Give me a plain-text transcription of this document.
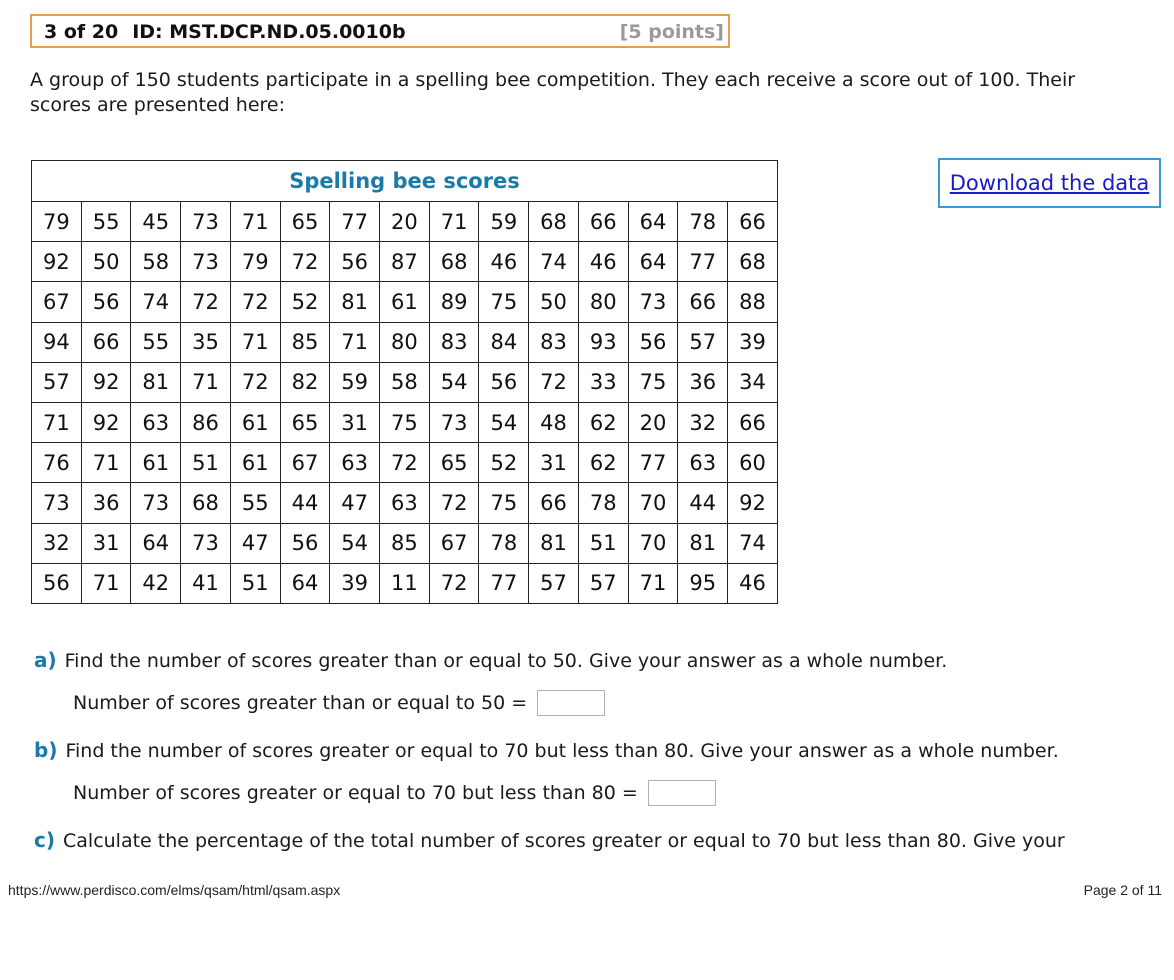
3 of 20 ID: MST.DCP.ND.05.0010b	[5 points]
A group of 150 students participate in a spelling bee competition. They each receive a score out of 100. Their scores are presented here:
Spelling bee scores														
79	55	45	73	71	65	77	20	71	59	68	66	64	78	66
92	50	58	73	79	72	56	87	68	46	74	46	64	77	68
67	56	74	72	72	52	81	61	89	75	50	80	73	66	88
94	66	55	35	71	85	71	80	83	84	83	93	56	57	39
57	92	81	71	72	82	59	58	54	56	72	33	75	36	34
71	92	63	86	61	65	31	75	73	54	48	62	20	32	66
76	71	61	51	61	67	63	72	65	52	31	62	77	63	60
73	36	73	68	55	44	47	63	72	75	66	78	70	44	92
32	31	64	73	47	56	54	85	67	78	81	51	70	81	74
56	71	42	41	51	64	39	11	72	77	57	57	71	95	46
Download the data
a) Find the number of scores greater than or equal to 50. Give your answer as a whole number.
Number of scores greater than or equal to 50 =
b) Find the number of scores greater or equal to 70 but less than 80. Give your answer as a whole number.
Number of scores greater or equal to 70 but less than 80 =
c) Calculate the percentage of the total number of scores greater or equal to 70 but less than 80. Give your
https://www.perdisco.com/elms/qsam/html/qsam.aspx	Page 2 of 11
